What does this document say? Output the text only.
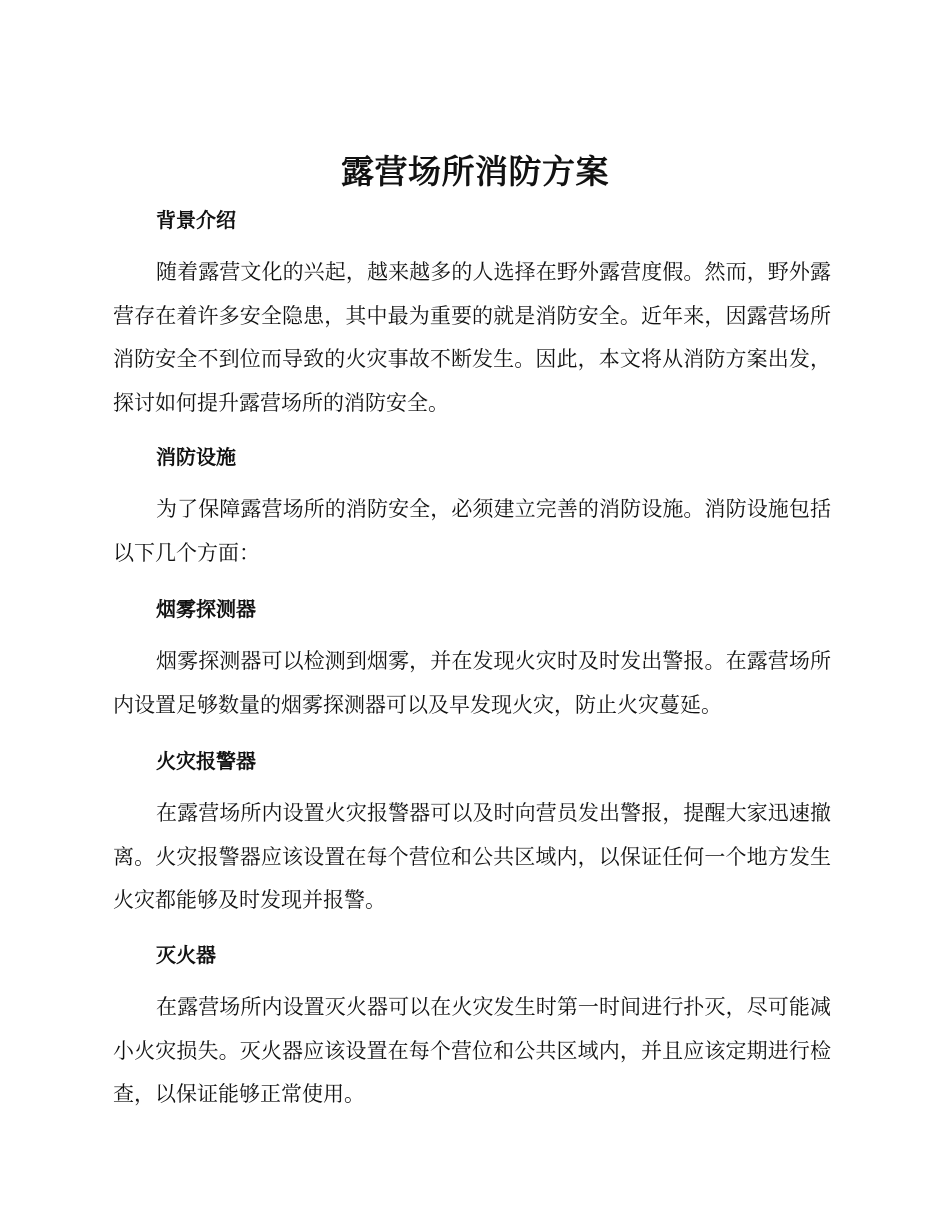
露营场所消防方案
背景介绍
随着露营文化的兴起，越来越多的人选择在野外露营度假。然而，野外露营存在着许多安全隐患，其中最为重要的就是消防安全。近年来，因露营场所消防安全不到位而导致的火灾事故不断发生。因此，本文将从消防方案出发，探讨如何提升露营场所的消防安全。
消防设施
为了保障露营场所的消防安全，必须建立完善的消防设施。消防设施包括以下几个方面：
烟雾探测器
烟雾探测器可以检测到烟雾，并在发现火灾时及时发出警报。在露营场所内设置足够数量的烟雾探测器可以及早发现火灾，防止火灾蔓延。
火灾报警器
在露营场所内设置火灾报警器可以及时向营员发出警报，提醒大家迅速撤离。火灾报警器应该设置在每个营位和公共区域内，以保证任何一个地方发生火灾都能够及时发现并报警。
灭火器
在露营场所内设置灭火器可以在火灾发生时第一时间进行扑灭，尽可能减小火灾损失。灭火器应该设置在每个营位和公共区域内，并且应该定期进行检查，以保证能够正常使用。
